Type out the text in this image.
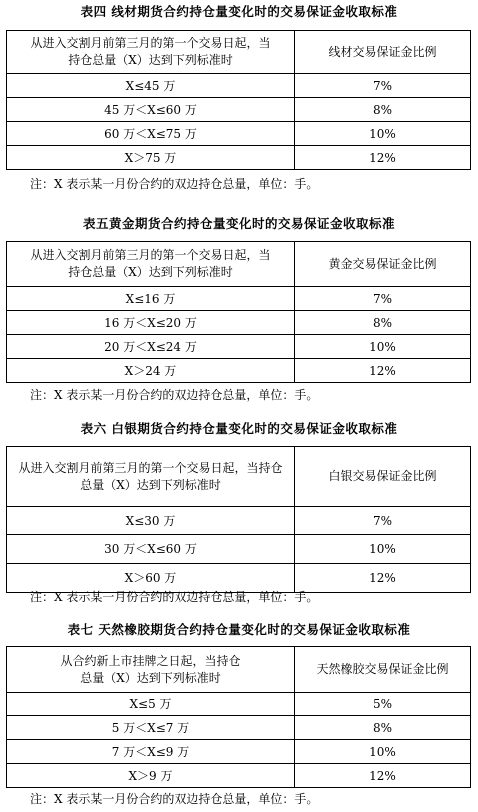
表四 线材期货合约持仓量变化时的交易保证金收取标准
从进入交割月前第三月的第一个交易日起，当持仓总量（X）达到下列标准时	线材交易保证金比例
X≤45 万	7%
45 万＜X≤60 万	8%
60 万＜X≤75 万	10%
X＞75 万	12%
注：X 表示某一月份合约的双边持仓总量，单位：手。
表五黄金期货合约持仓量变化时的交易保证金收取标准
从进入交割月前第三月的第一个交易日起，当持仓总量（X）达到下列标准时	黄金交易保证金比例
X≤16 万	7%
16 万＜X≤20 万	8%
20 万＜X≤24 万	10%
X＞24 万	12%
注：X 表示某一月份合约的双边持仓总量，单位：手。
表六 白银期货合约持仓量变化时的交易保证金收取标准
从进入交割月前第三月的第一个交易日起，当持仓总量（X）达到下列标准时	白银交易保证金比例
X≤30 万	7%
30 万＜X≤60 万	10%
X＞60 万	12%
注：X 表示某一月份合约的双边持仓总量，单位：手。
表七 天然橡胶期货合约持仓量变化时的交易保证金收取标准
从合约新上市挂牌之日起，当持仓总量（X）达到下列标准时	天然橡胶交易保证金比例
X≤5 万	5%
5 万＜X≤7 万	8%
7 万＜X≤9 万	10%
X＞9 万	12%
注：X 表示某一月份合约的双边持仓总量，单位：手。
